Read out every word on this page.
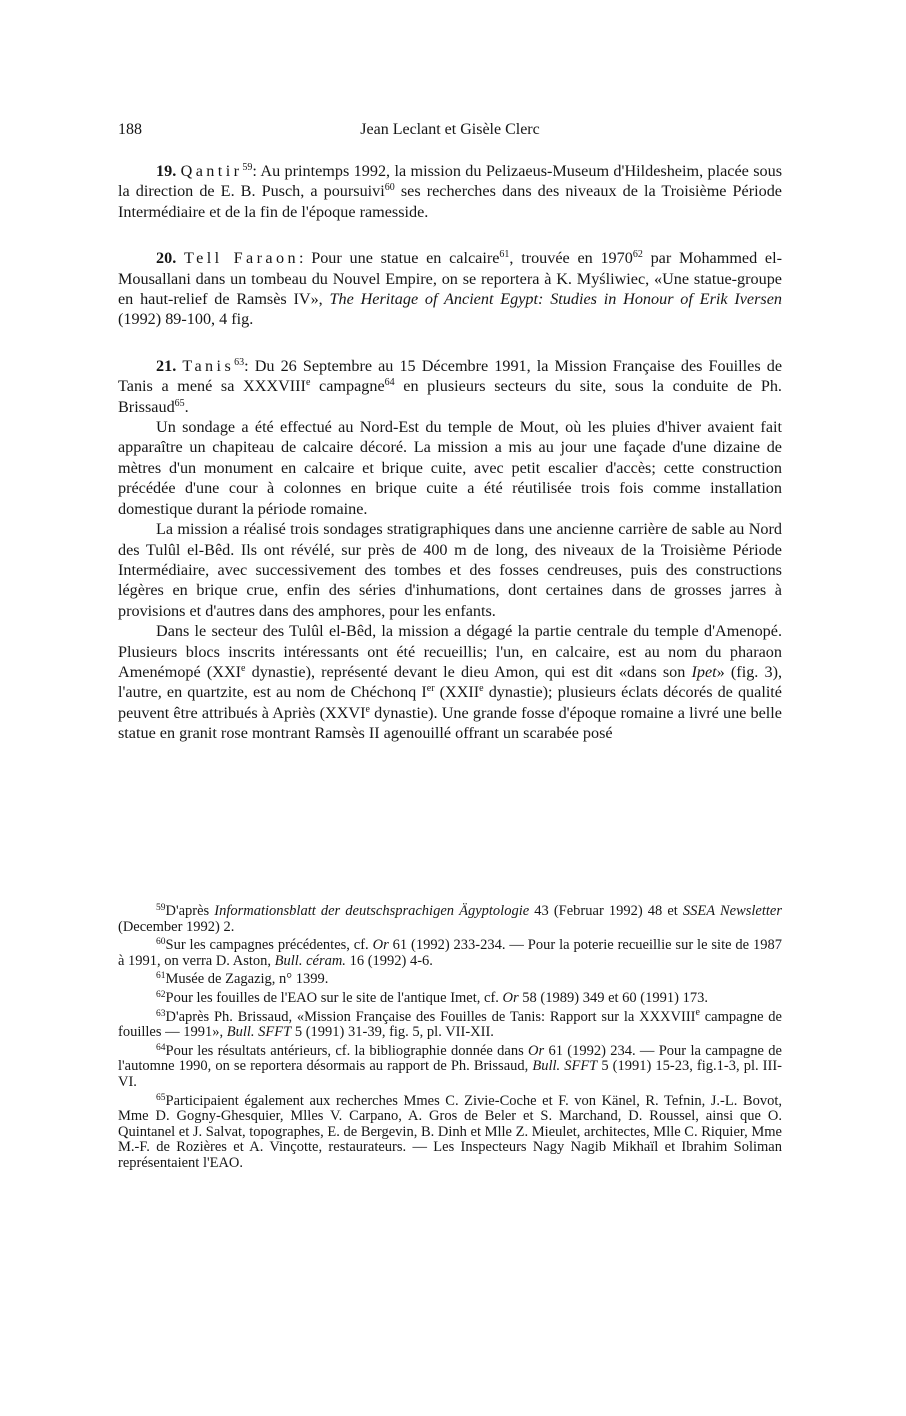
188	Jean Leclant et Gisèle Clerc

19. Qantir$^{59}$: Au printemps 1992, la mission du Pelizaeus-Museum d'Hildesheim, placée sous la direction de E. B. Pusch, a poursuivi$^{60}$ ses recherches dans des niveaux de la Troisième Période Intermédiaire et de la fin de l'époque ramesside.

20. Tell Faraon: Pour une statue en calcaire$^{61}$, trouvée en 1970$^{62}$ par Mohammed el-Mousallani dans un tombeau du Nouvel Empire, on se reportera à K. Myśliwiec, «Une statue-groupe en haut-relief de Ramsès IV», The Heritage of Ancient Egypt: Studies in Honour of Erik Iversen (1992) 89-100, 4 fig.

21. Tanis$^{63}$: Du 26 Septembre au 15 Décembre 1991, la Mission Française des Fouilles de Tanis a mené sa XXXVIIIe campagne$^{64}$ en plusieurs secteurs du site, sous la conduite de Ph. Brissaud$^{65}$.

Un sondage a été effectué au Nord-Est du temple de Mout, où les pluies d'hiver avaient fait apparaître un chapiteau de calcaire décoré. La mission a mis au jour une façade d'une dizaine de mètres d'un monument en calcaire et brique cuite, avec petit escalier d'accès; cette construction précédée d'une cour à colonnes en brique cuite a été réutilisée trois fois comme installation domestique durant la période romaine.

La mission a réalisé trois sondages stratigraphiques dans une ancienne carrière de sable au Nord des Tulûl el-Bêd. Ils ont révélé, sur près de 400 m de long, des niveaux de la Troisième Période Intermédiaire, avec successivement des tombes et des fosses cendreuses, puis des constructions légères en brique crue, enfin des séries d'inhumations, dont certaines dans de grosses jarres à provisions et d'autres dans des amphores, pour les enfants.

Dans le secteur des Tulûl el-Bêd, la mission a dégagé la partie centrale du temple d'Amenopé. Plusieurs blocs inscrits intéressants ont été recueillis; l'un, en calcaire, est au nom du pharaon Amenémopé (XXIe dynastie), représenté devant le dieu Amon, qui est dit «dans son Ipet» (fig. 3), l'autre, en quartzite, est au nom de Chéchonq Ier (XXIIe dynastie); plusieurs éclats décorés de qualité peuvent être attribués à Apriès (XXVIe dynastie). Une grande fosse d'époque romaine a livré une belle statue en granit rose montrant Ramsès II agenouillé offrant un scarabée posé

$^{59}$D'après Informationsblatt der deutschsprachigen Ägyptologie 43 (Februar 1992) 48 et SSEA Newsletter (December 1992) 2.

$^{60}$Sur les campagnes précédentes, cf. Or 61 (1992) 233-234. — Pour la poterie recueillie sur le site de 1987 à 1991, on verra D. Aston, Bull. céram. 16 (1992) 4-6.

$^{61}$Musée de Zagazig, n° 1399.

$^{62}$Pour les fouilles de l'EAO sur le site de l'antique Imet, cf. Or 58 (1989) 349 et 60 (1991) 173.

$^{63}$D'après Ph. Brissaud, «Mission Française des Fouilles de Tanis: Rapport sur la XXXVIIIe campagne de fouilles — 1991», Bull. SFFT 5 (1991) 31-39, fig. 5, pl. VII-XII.

$^{64}$Pour les résultats antérieurs, cf. la bibliographie donnée dans Or 61 (1992) 234. — Pour la campagne de l'automne 1990, on se reportera désormais au rapport de Ph. Brissaud, Bull. SFFT 5 (1991) 15-23, fig.1-3, pl. III-VI.

$^{65}$Participaient également aux recherches Mmes C. Zivie-Coche et F. von Känel, R. Tefnin, J.-L. Bovot, Mme D. Gogny-Ghesquier, Mlles V. Carpano, A. Gros de Beler et S. Marchand, D. Roussel, ainsi que O. Quintanel et J. Salvat, topographes, E. de Bergevin, B. Dinh et Mlle Z. Mieulet, architectes, Mlle C. Riquier, Mme M.-F. de Rozières et A. Vinçotte, restaurateurs. — Les Inspecteurs Nagy Nagib Mikhaïl et Ibrahim Soliman représentaient l'EAO.
